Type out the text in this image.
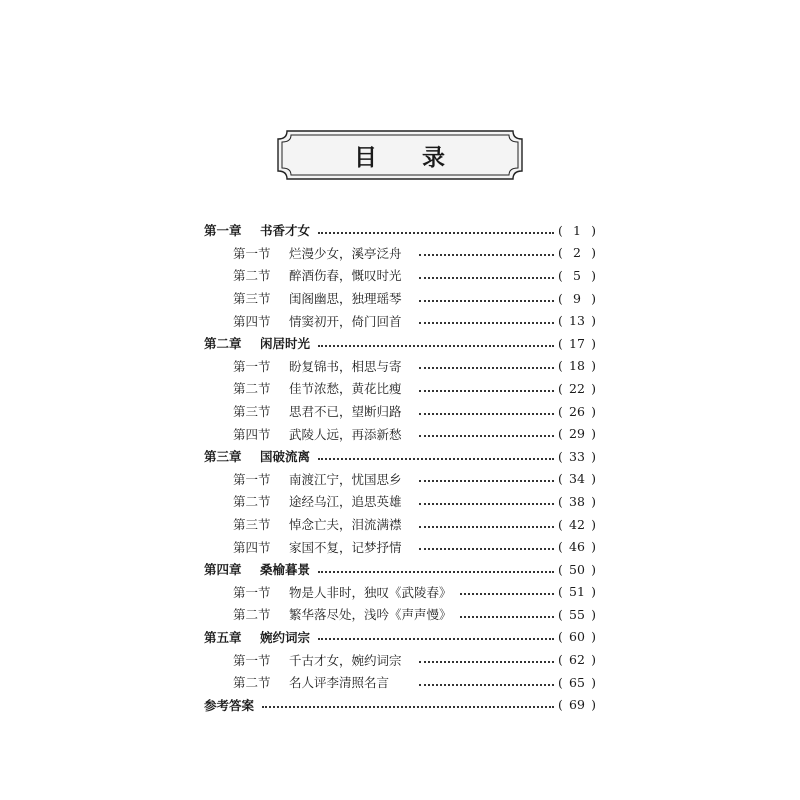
目 录
第一章	书香才女	( 1 )
第一节	烂漫少女，溪亭泛舟	( 2 )
第二节	醉酒伤春，慨叹时光	( 5 )
第三节	闺阁幽思，独理瑶琴	( 9 )
第四节	情窦初开，倚门回首	( 13 )
第二章	闲居时光	( 17 )
第一节	盼复锦书，相思与寄	( 18 )
第二节	佳节浓愁，黄花比瘦	( 22 )
第三节	思君不已，望断归路	( 26 )
第四节	武陵人远，再添新愁	( 29 )
第三章	国破流离	( 33 )
第一节	南渡江宁，忧国思乡	( 34 )
第二节	途经乌江，追思英雄	( 38 )
第三节	悼念亡夫，泪流满襟	( 42 )
第四节	家国不复，记梦抒情	( 46 )
第四章	桑榆暮景	( 50 )
第一节	物是人非时，独叹《武陵春》	( 51 )
第二节	繁华落尽处，浅吟《声声慢》	( 55 )
第五章	婉约词宗	( 60 )
第一节	千古才女，婉约词宗	( 62 )
第二节	名人评李清照名言	( 65 )
参考答案	( 69 )
